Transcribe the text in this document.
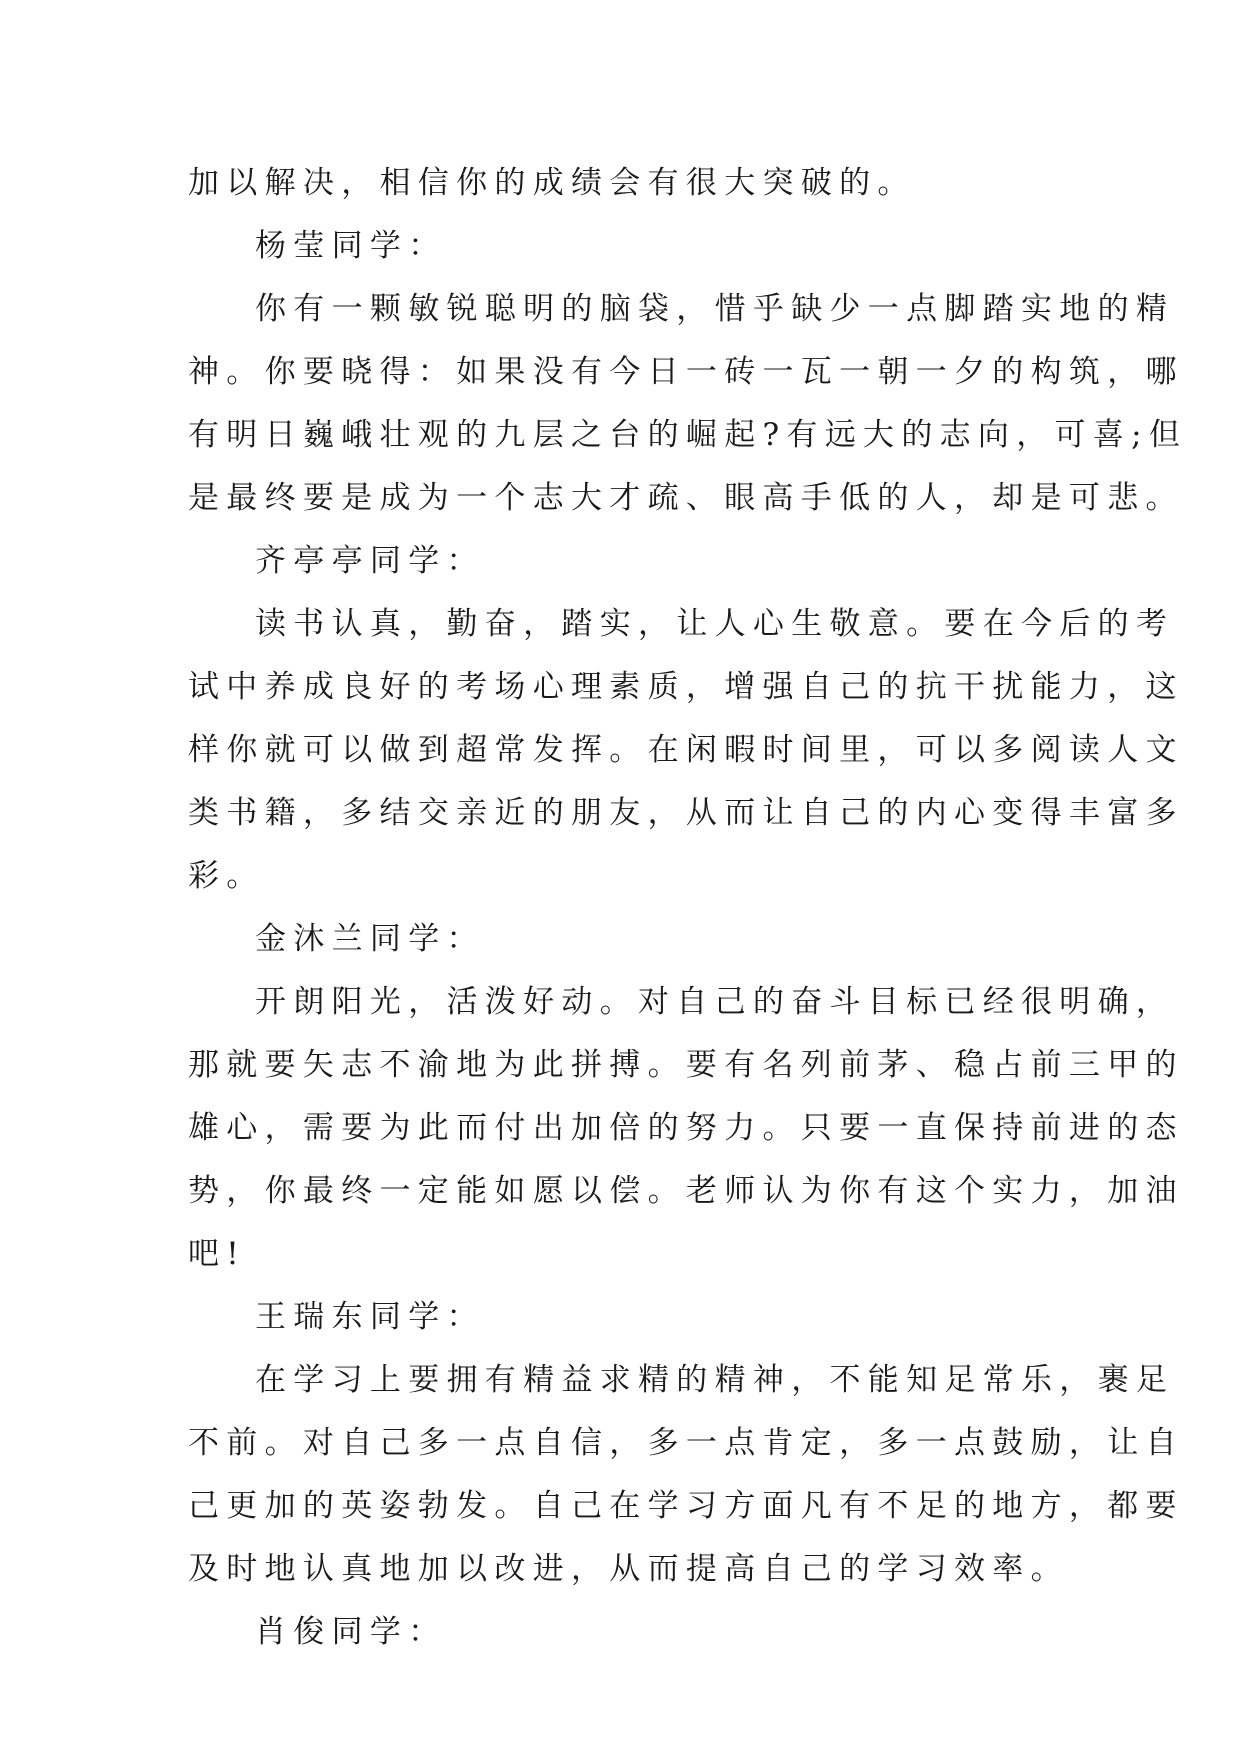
加以解决，相信你的成绩会有很大突破的。
杨莹同学：
你有一颗敏锐聪明的脑袋，惜乎缺少一点脚踏实地的精
神。你要晓得：如果没有今日一砖一瓦一朝一夕的构筑，哪
有明日巍峨壮观的九层之台的崛起?有远大的志向，可喜;但
是最终要是成为一个志大才疏、眼高手低的人，却是可悲。
齐亭亭同学：
读书认真，勤奋，踏实，让人心生敬意。要在今后的考
试中养成良好的考场心理素质，增强自己的抗干扰能力，这
样你就可以做到超常发挥。在闲暇时间里，可以多阅读人文
类书籍，多结交亲近的朋友，从而让自己的内心变得丰富多
彩。
金沐兰同学：
开朗阳光，活泼好动。对自己的奋斗目标已经很明确，
那就要矢志不渝地为此拼搏。要有名列前茅、稳占前三甲的
雄心，需要为此而付出加倍的努力。只要一直保持前进的态
势，你最终一定能如愿以偿。老师认为你有这个实力，加油
吧!
王瑞东同学：
在学习上要拥有精益求精的精神，不能知足常乐，裹足
不前。对自己多一点自信，多一点肯定，多一点鼓励，让自
己更加的英姿勃发。自己在学习方面凡有不足的地方，都要
及时地认真地加以改进，从而提高自己的学习效率。
肖俊同学：
